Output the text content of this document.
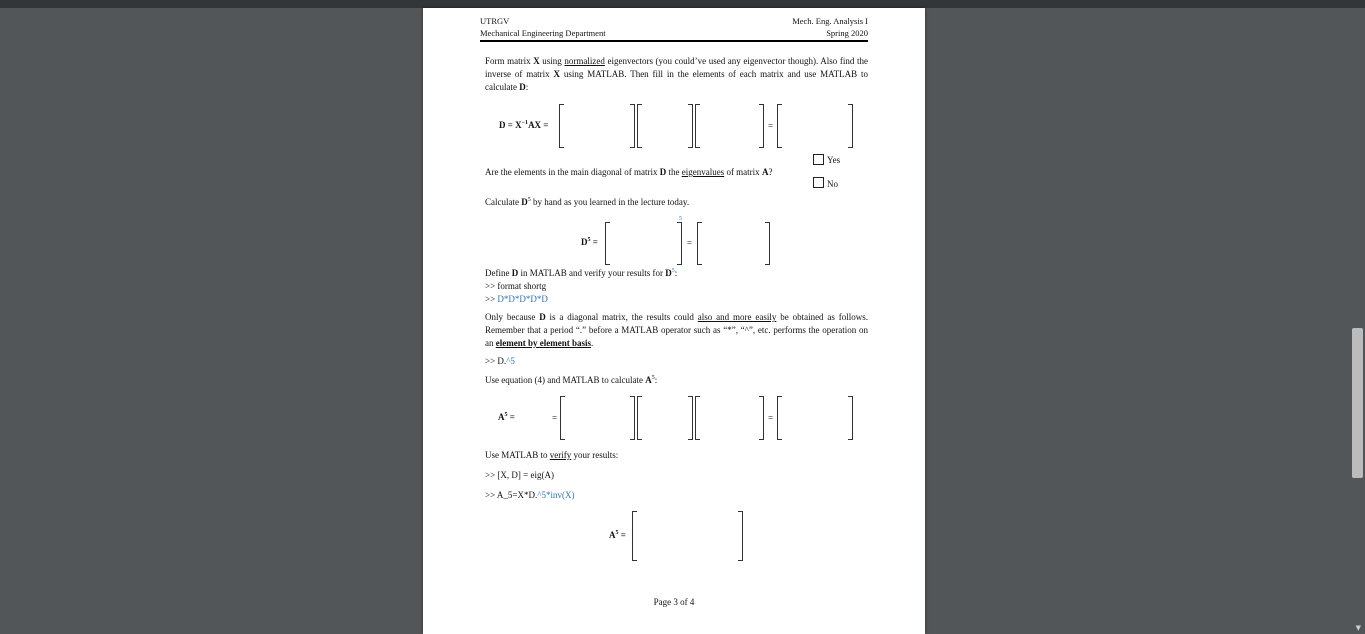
UTRGV
Mechanical Engineering Department
Mech. Eng. Analysis I
Spring 2020
Form matrix X using normalized eigenvectors (you could’ve used any eigenvector though). Also find the inverse of matrix X using MATLAB. Then fill in the elements of each matrix and use MATLAB to calculate D:
$D = X^{-1}AX$ =	=
Are the elements in the main diagonal of matrix D the eigenvalues of matrix A?
Yes
No
Calculate $D^5$ by hand as you learned in the lecture today.
$D^5$ =
5
=
Define D in MATLAB and verify your results for $D^5$:
>> format shortg
>> D*D*D*D*D
Only because D is a diagonal matrix, the results could also and more easily be obtained as follows. Remember that a period “.” before a MATLAB operator such as “*”, “^”, etc. performs the operation on an element by element basis.
>> D.^5
Use equation (4) and MATLAB to calculate $A^5$:
$A^5$ =	=	=
Use MATLAB to verify your results:
>> [X, D] = eig(A)
>> A_5=X*D.^5*inv(X)
$A^5$ =
Page 3 of 4
▼
